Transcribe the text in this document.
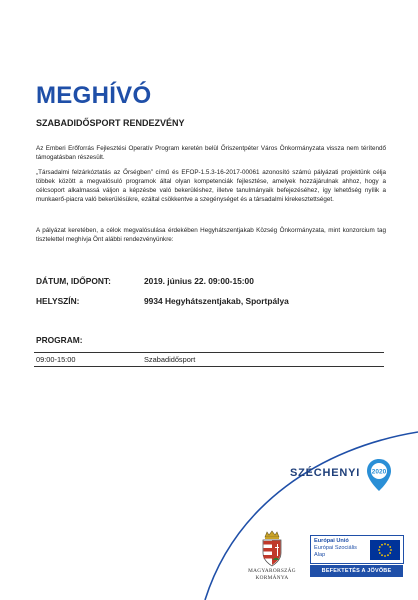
MEGHÍVÓ
SZABADIDŐSPORT RENDEZVÉNY
Az Emberi Erőforrás Fejlesztési Operatív Program keretén belül Őriszentpéter Város Önkormányzata vissza nem térítendő támogatásban részesült.
„Társadalmi felzárkóztatás az Őrségben” című és EFOP-1.5.3-16-2017-00061 azonosító számú pályázati projektünk célja többek között a megvalósuló programok által olyan kompetenciák fejlesztése, amelyek hozzájárulnak ahhoz, hogy a célcsoport alkalmassá váljon a képzésbe való bekerüléshez, illetve tanulmányaik befejezéséhez, így lehetőség nyílik a munkaerő-piacra való bekerülésükre, ezáltal csökkentve a szegénységet és a társadalmi kirekesztettséget.
A pályázat keretében, a célok megvalósulása érdekében Hegyhátszentjakab Község Önkormányzata, mint konzorcium tag tisztelettel meghívja Önt alábbi rendezvényünkre:
DÁTUM, IDŐPONT:	2019. június 22. 09:00-15:00
HELYSZÍN:	9934 Hegyhátszentjakab, Sportpálya
PROGRAM:
09:00-15:00	Szabadidősport
SZÉCHENYI 2020
MAGYARORSZÁG
KORMÁNYA
Európai Unió
Európai Szociális
Alap
BEFEKTETÉS A JÖVŐBE
